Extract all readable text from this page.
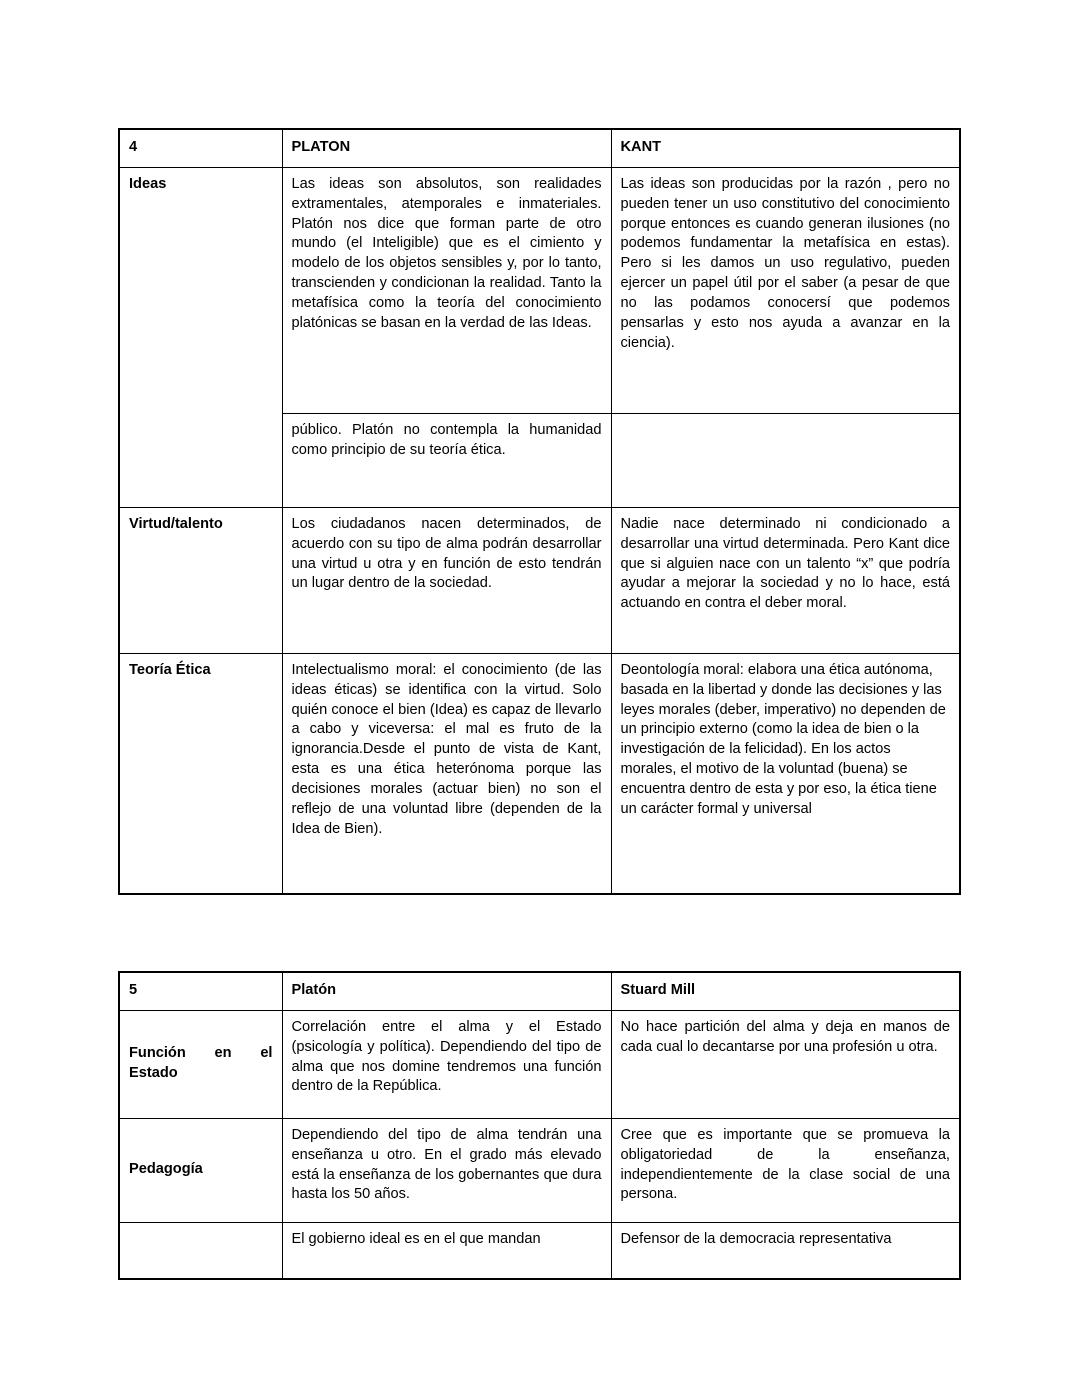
4	PLATON	KANT
Ideas	Las ideas son absolutos, son realidades extramentales, atemporales e inmateriales. Platón nos dice que forman parte de otro mundo (el Inteligible) que es el cimiento y modelo de los objetos sensibles y, por lo tanto, transcienden y condicionan la realidad. Tanto la metafísica como la teoría del conocimiento platónicas se basan en la verdad de las Ideas.	Las ideas son producidas por la razón , pero no pueden tener un uso constitutivo del conocimiento porque entonces es cuando generan ilusiones (no podemos fundamentar la metafísica en estas). Pero si les damos un uso regulativo, pueden ejercer un papel útil por el saber (a pesar de que no las podamos conocersí que podemos pensarlas y esto nos ayuda a avanzar en la ciencia).
	público. Platón no contempla la humanidad como principio de su teoría ética.	
Virtud/talento	Los ciudadanos nacen determinados, de acuerdo con su tipo de alma podrán desarrollar una virtud u otra y en función de esto tendrán un lugar dentro de la sociedad.	Nadie nace determinado ni condicionado a desarrollar una virtud determinada. Pero Kant dice que si alguien nace con un talento “x” que podría ayudar a mejorar la sociedad y no lo hace, está actuando en contra el deber moral.
Teoría Ética	Intelectualismo moral: el conocimiento (de las ideas éticas) se identifica con la virtud. Solo quién conoce el bien (Idea) es capaz de llevarlo a cabo y viceversa: el mal es fruto de la ignorancia.Desde el punto de vista de Kant, esta es una ética heterónoma porque las decisiones morales (actuar bien) no son el reflejo de una voluntad libre (dependen de la Idea de Bien).	Deontología moral: elabora una ética autónoma, basada en la libertad y donde las decisiones y las leyes morales (deber, imperativo) no dependen de un principio externo (como la idea de bien o la investigación de la felicidad). En los actos morales, el motivo de la voluntad (buena) se encuentra dentro de esta y por eso, la ética tiene un carácter formal y universal
5	Platón	Stuard Mill
Función en el Estado	Correlación entre el alma y el Estado (psicología y política). Dependiendo del tipo de alma que nos domine tendremos una función dentro de la República.	No hace partición del alma y deja en manos de cada cual lo decantarse por una profesión u otra.
Pedagogía	Dependiendo del tipo de alma tendrán una enseñanza u otro. En el grado más elevado está la enseñanza de los gobernantes que dura hasta los 50 años.	Cree que es importante que se promueva la obligatoriedad de la enseñanza, independientemente de la clase social de una persona.
	El gobierno ideal es en el que mandan	Defensor de la democracia representativa
